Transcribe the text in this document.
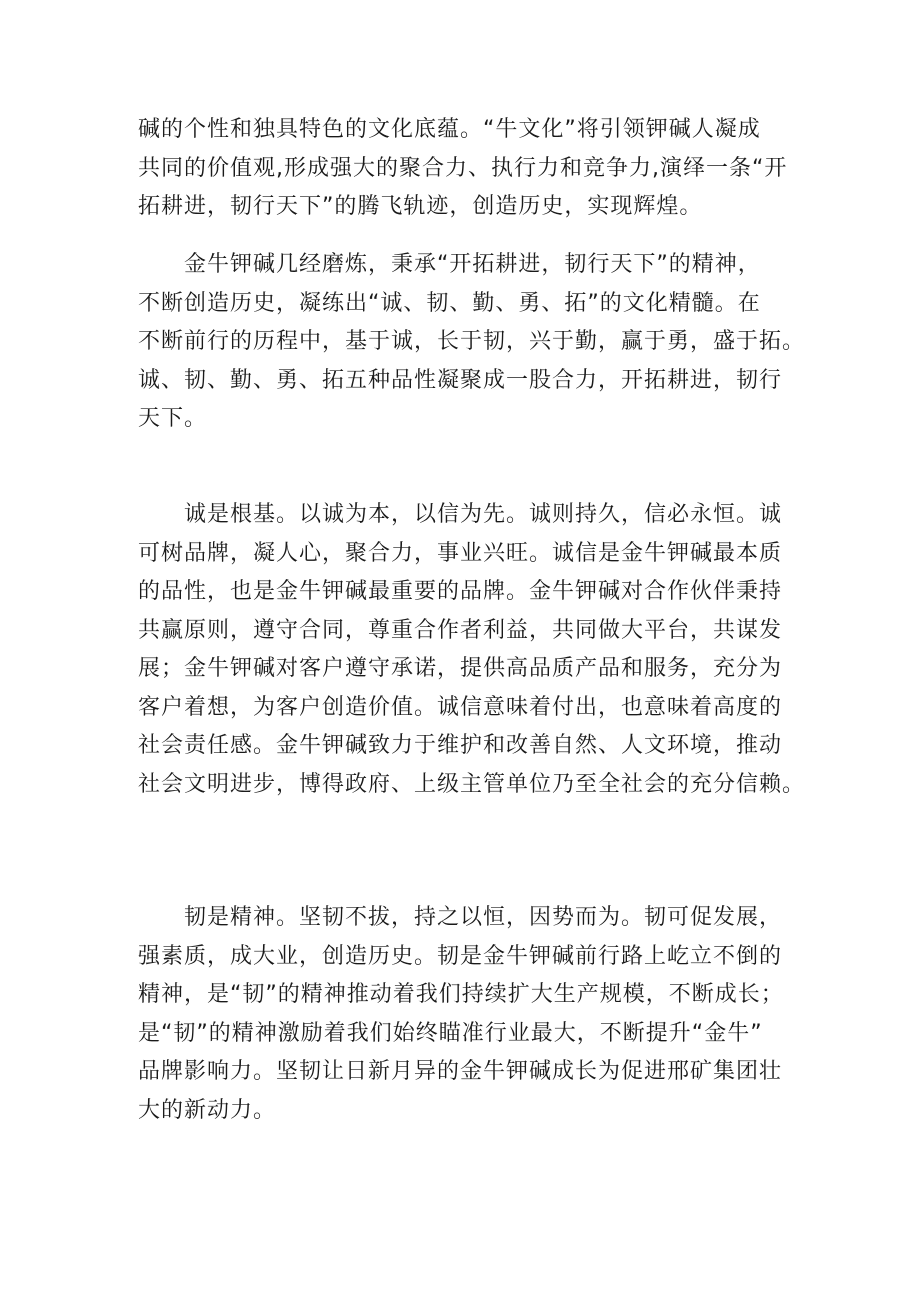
碱的个性和独具特色的文化底蕴。“牛文化”将引领钾碱人凝成
共同的价值观,形成强大的聚合力、执行力和竞争力,演绎一条“开
拓耕进，韧行天下”的腾飞轨迹，创造历史，实现辉煌。
金牛钾碱几经磨炼，秉承“开拓耕进，韧行天下”的精神，
不断创造历史，凝练出“诚、韧、勤、勇、拓”的文化精髓。在
不断前行的历程中，基于诚，长于韧，兴于勤，赢于勇，盛于拓。
诚、韧、勤、勇、拓五种品性凝聚成一股合力，开拓耕进，韧行
天下。
诚是根基。以诚为本，以信为先。诚则持久，信必永恒。诚
可树品牌，凝人心，聚合力，事业兴旺。诚信是金牛钾碱最本质
的品性，也是金牛钾碱最重要的品牌。金牛钾碱对合作伙伴秉持
共赢原则，遵守合同，尊重合作者利益，共同做大平台，共谋发
展；金牛钾碱对客户遵守承诺，提供高品质产品和服务，充分为
客户着想，为客户创造价值。诚信意味着付出，也意味着高度的
社会责任感。金牛钾碱致力于维护和改善自然、人文环境，推动
社会文明进步，博得政府、上级主管单位乃至全社会的充分信赖。
韧是精神。坚韧不拔，持之以恒，因势而为。韧可促发展，
强素质，成大业，创造历史。韧是金牛钾碱前行路上屹立不倒的
精神，是“韧”的精神推动着我们持续扩大生产规模，不断成长；
是“韧”的精神激励着我们始终瞄准行业最大，不断提升“金牛”
品牌影响力。坚韧让日新月异的金牛钾碱成长为促进邢矿集团壮
大的新动力。
